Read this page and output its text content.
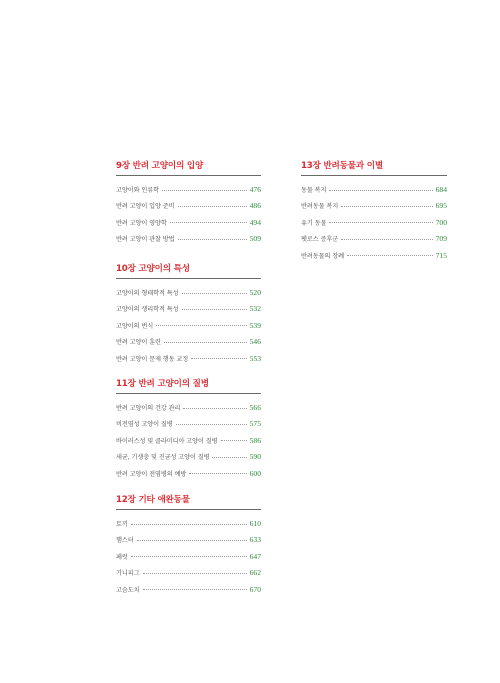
9장 반려 고양이의 입양
고양이와 인류학	476
반려 고양이 입양 준비	486
반려 고양이 영양학	494
반려 고양이 관찰 방법	509
10장 고양이의 특성
고양이의 형태학적 특성	520
고양이의 생리학적 특성	532
고양이의 번식	539
반려 고양이 훈련	546
반려 고양이 문제 행동 교정	553
11장 반려 고양이의 질병
반려 고양이의 건강 관리	566
비전염성 고양이 질병	575
바이러스성 및 클라미디아 고양이 질병	586
세균, 기생충 및 진균성 고양이 질병	590
반려 고양이 전염병의 예방	600
12장 기타 애완동물
토끼	610
햄스터	633
페럿	647
기니피그	662
고슴도치	670
13장 반려동물과 이별
동물 복지	684
반려동물 복지	695
유기 동물	700
펫로스 증후군	709
반려동물의 장례	715
